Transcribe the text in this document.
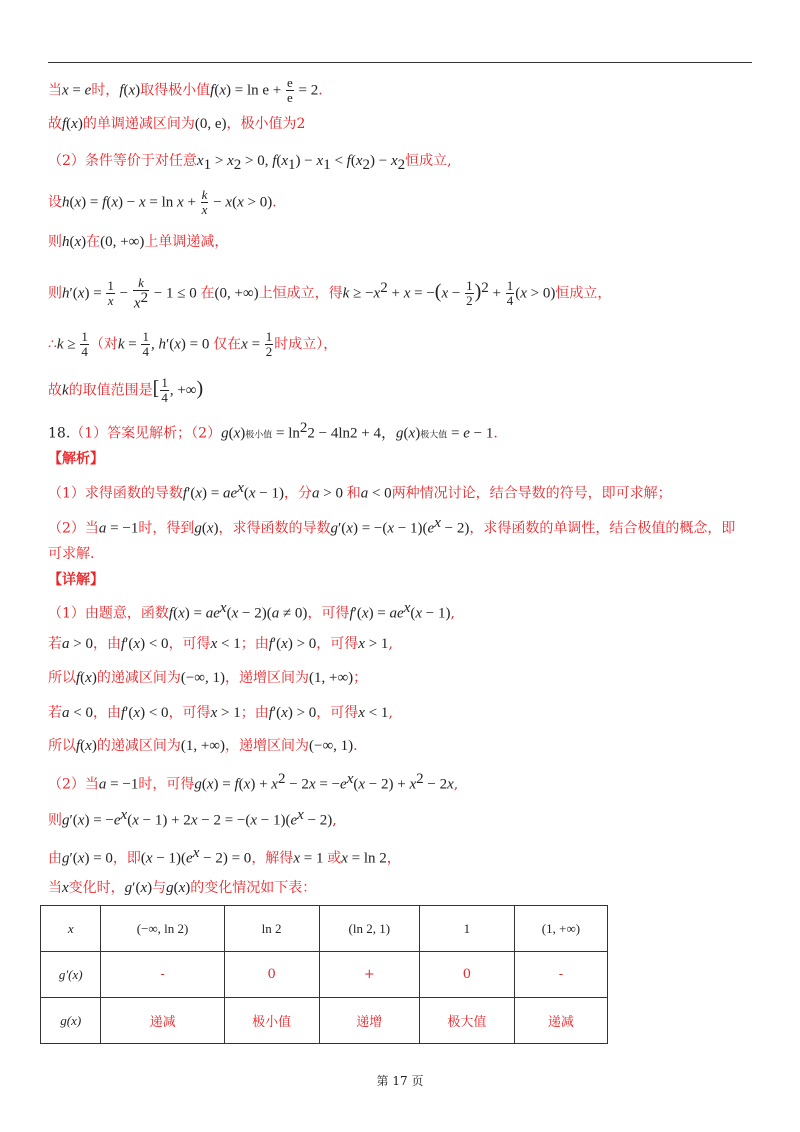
当x = e时，f(x)取得极小值$f(x) = \ln e + \frac{e}{e} = 2$.
故f(x)的单调递减区间为(0, e)，极小值为2
（2）条件等价于对任意$x_1 > x_2 > 0$, $f(x_1) - x_1 < f(x_2) - x_2$恒成立,
设$h(x) = f(x) - x = \ln x + \frac{k}{x} - x(x > 0)$.
则h(x)在(0, +∞)上单调递减，
则$h'(x) = \frac{1}{x} - \frac{k}{x^2} - 1 \le 0$ 在(0, +∞)上恒成立，得$k \ge -x^2 + x = -(x - \frac{1}{2} )^2 + \frac{1}{4} (x > 0)$恒成立，
∴k ≥ $\frac{1}{4}$ （对$k = \frac{1}{4}$ , h′(x) = 0 仅在$x = \frac{1}{2}$ 时成立），
故k的取值范围是[ $\frac{1}{4}$ , +∞)
18.（1）答案见解析；（2）g(x)极小值 = $\ln^22 - 4\ln 2 + 4$，g(x)极大值 = e − 1.
【解析】
（1）求得函数的导数$f'(x) = ae^x(x - 1)$，分a > 0 和a < 0两种情况讨论，结合导数的符号，即可求解；
（2）当a = −1时，得到g(x)，求得函数的导数$g'(x) = -(x - 1)(e^x - 2)$，求得函数的单调性，结合极值的概念，即
可求解.
【详解】
（1）由题意，函数$f(x) = ae^x(x - 2)(a \ne 0)$，可得$f'(x) = ae^x(x - 1)$,
若a > 0，由f′(x) < 0，可得x < 1；由f′(x) > 0，可得x > 1,
所以f(x)的递减区间为(−∞, 1)，递增区间为(1, +∞)；
若a < 0，由f′(x) < 0，可得x > 1；由f′(x) > 0，可得x < 1,
所以f(x)的递减区间为(1, +∞)，递增区间为(−∞, 1).
（2）当a = −1时，可得$g(x) = f(x) + x^2 - 2x = -e^x(x - 2) + x^2 - 2x$,
则$g'(x) = -e^x(x - 1) + 2x - 2 = -(x - 1)(e^x - 2)$,
由g′(x) = 0，即$(x - 1)(e^x - 2) = 0$，解得x = 1 或x = ln 2，
当x变化时，g′(x)与g(x)的变化情况如下表：
x	(−∞, ln 2)	ln 2	(ln 2, 1)	1	(1, +∞)
g′(x)	-	0	+	0	-
g(x)	递减	极小值	递增	极大值	递减
第 17 页
